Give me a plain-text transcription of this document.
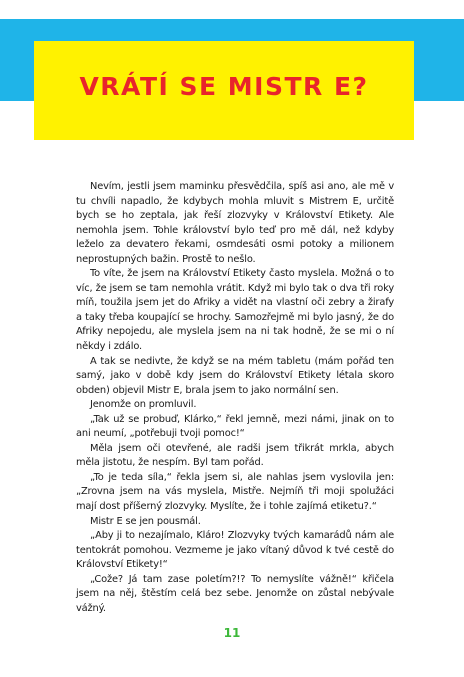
VRÁTÍ SE MISTR E?

Nevím, jestli jsem maminku přesvědčila, spíš asi ano, ale mě v tu chvíli napadlo, že kdybych mohla mluvit s Mistrem E, určitě bych se ho zeptala, jak řeší zlozvyky v Království Etikety. Ale nemohla jsem. Tohle království bylo teď pro mě dál, než kdyby leželo za devatero řekami, osmdesáti osmi potoky a milionem neprostupných bažin. Prostě to nešlo.

To víte, že jsem na Království Etikety často myslela. Možná o to víc, že jsem se tam nemohla vrátit. Když mi bylo tak o dva tři roky míň, toužila jsem jet do Afriky a vidět na vlastní oči zebry a žirafy a taky třeba koupající se hrochy. Samozřejmě mi bylo jasný, že do Afriky nepojedu, ale myslela jsem na ni tak hodně, že se mi o ní někdy i zdálo.

A tak se nedivte, že když se na mém tabletu (mám pořád ten samý, jako v době kdy jsem do Království Etikety létala skoro obden) objevil Mistr E, brala jsem to jako normální sen.

Jenomže on promluvil.

„Tak už se probuď, Klárko,“ řekl jemně, mezi námi, jinak on to ani neumí, „potřebuji tvoji pomoc!“

Měla jsem oči otevřené, ale radši jsem třikrát mrkla, abych měla jistotu, že nespím. Byl tam pořád.

„To je teda síla,“ řekla jsem si, ale nahlas jsem vyslovila jen: „Zrovna jsem na vás myslela, Mistře. Nejmíň tři moji spolužáci mají dost příšerný zlozvyky. Myslíte, že i tohle zajímá etiketu?.“

Mistr E se jen pousmál.

„Aby ji to nezajímalo, Kláro! Zlozvyky tvých kamarádů nám ale tentokrát pomohou. Vezmeme je jako vítaný důvod k tvé cestě do Království Etikety!“

„Cože? Já tam zase poletím?!? To nemyslíte vážně!“ křičela jsem na něj, štěstím celá bez sebe. Jenomže on zůstal nebývale vážný.

11
